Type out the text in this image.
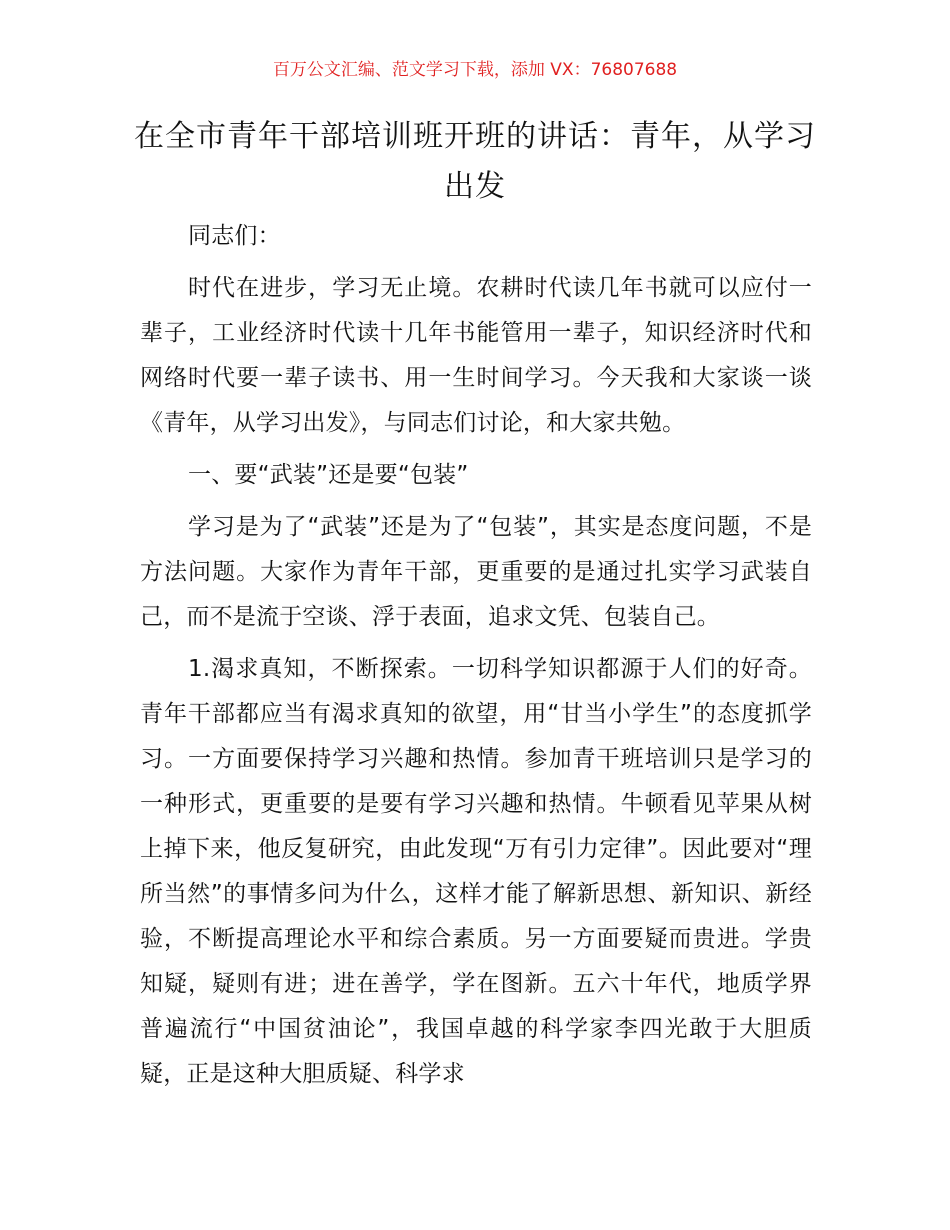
百万公文汇编、范文学习下载，添加 VX：76807688
在全市青年干部培训班开班的讲话：青年，从学习出发

同志们：

时代在进步，学习无止境。农耕时代读几年书就可以应付一辈子，工业经济时代读十几年书能管用一辈子，知识经济时代和网络时代要一辈子读书、用一生时间学习。今天我和大家谈一谈《青年，从学习出发》，与同志们讨论，和大家共勉。

一、要“武装”还是要“包装”

学习是为了“武装”还是为了“包装”，其实是态度问题，不是方法问题。大家作为青年干部，更重要的是通过扎实学习武装自己，而不是流于空谈、浮于表面，追求文凭、包装自己。

1.渴求真知，不断探索。一切科学知识都源于人们的好奇。青年干部都应当有渴求真知的欲望，用“甘当小学生”的态度抓学习。一方面要保持学习兴趣和热情。参加青干班培训只是学习的一种形式，更重要的是要有学习兴趣和热情。牛顿看见苹果从树上掉下来，他反复研究，由此发现“万有引力定律”。因此要对“理所当然”的事情多问为什么，这样才能了解新思想、新知识、新经验，不断提高理论水平和综合素质。另一方面要疑而贵进。学贵知疑，疑则有进；进在善学，学在图新。五六十年代，地质学界普遍流行“中国贫油论”，我国卓越的科学家李四光敢于大胆质疑，正是这种大胆质疑、科学求
